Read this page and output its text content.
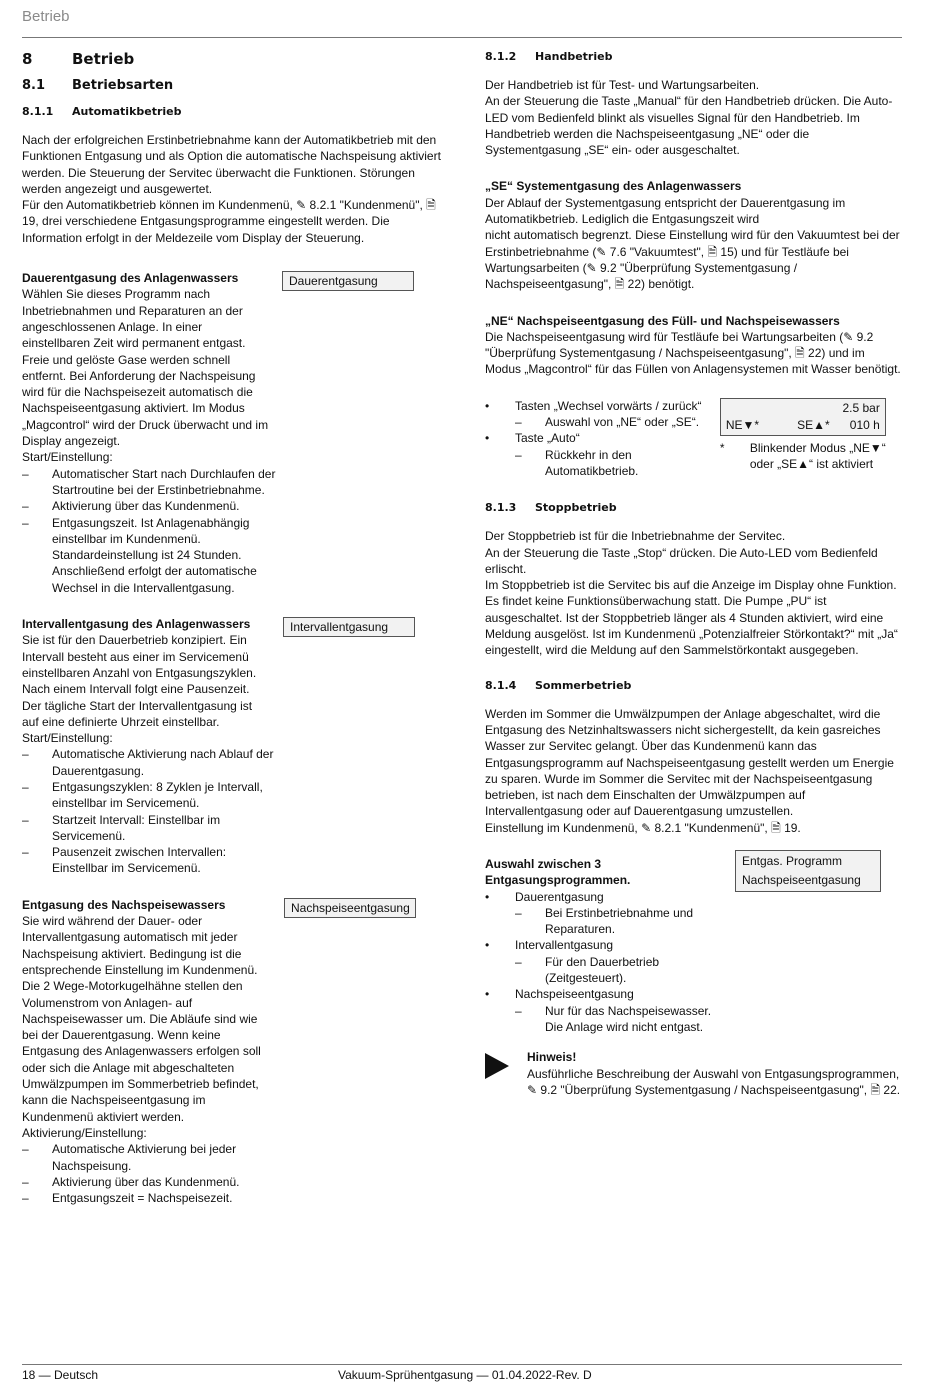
Betrieb
8	Betrieb
8.1 Betriebsarten
8.1.1 Automatikbetrieb

Nach der erfolgreichen Erstinbetriebnahme kann der Automatikbetrieb mit den Funktionen Entgasung und als Option die automatische Nachspeisung aktiviert werden. Die Steuerung der Servitec überwacht die Funktionen. Störungen werden angezeigt und ausgewertet.

Für den Automatikbetrieb können im Kundenmenü, ✎ 8.2.1 "Kundenmenü", 🗎 19, drei verschiedene Entgasungsprogramme eingestellt werden. Die Information erfolgt in der Meldezeile vom Display der Steuerung.

Dauerentgasung des Anlagenwassers

Wählen Sie dieses Programm nach Inbetriebnahmen und Reparaturen an der angeschlossenen Anlage. In einer einstellbaren Zeit wird permanent entgast. Freie und gelöste Gase werden schnell entfernt. Bei Anforderung der Nachspeisung wird für die Nachspeisezeit automatisch die Nachspeiseentgasung aktiviert. Im Modus „Magcontrol“ wird der Druck überwacht und im Display angezeigt.

Start/Einstellung:

Dauerentgasung
–	Automatischer Start nach Durchlaufen der Startroutine bei der Erstinbetriebnahme.
–	Aktivierung über das Kundenmenü.
–	Entgasungszeit. Ist Anlagenabhängig einstellbar im Kundenmenü. Standardeinstellung ist 24 Stunden. Anschließend erfolgt der automatische Wechsel in die Intervallentgasung.

Intervallentgasung des Anlagenwassers

Sie ist für den Dauerbetrieb konzipiert. Ein Intervall besteht aus einer im Servicemenü einstellbaren Anzahl von Entgasungszyklen. Nach einem Intervall folgt eine Pausenzeit. Der tägliche Start der Intervallentgasung ist auf eine definierte Uhrzeit einstellbar.

Start/Einstellung:

Intervallentgasung
–	Automatische Aktivierung nach Ablauf der Dauerentgasung.
–	Entgasungszyklen: 8 Zyklen je Intervall, einstellbar im Servicemenü.
–	Startzeit Intervall: Einstellbar im Servicemenü.
–	Pausenzeit zwischen Intervallen: Einstellbar im Servicemenü.

Entgasung des Nachspeisewassers

Sie wird während der Dauer- oder Intervallentgasung automatisch mit jeder Nachspeisung aktiviert. Bedingung ist die entsprechende Einstellung im Kundenmenü. Die 2 Wege-Motorkugelhähne stellen den Volumenstrom von Anlagen- auf Nachspeisewasser um. Die Abläufe sind wie bei der Dauerentgasung. Wenn keine Entgasung des Anlagenwassers erfolgen soll oder sich die Anlage mit abgeschalteten Umwälzpumpen im Sommerbetrieb befindet, kann die Nachspeiseentgasung im Kundenmenü aktiviert werden.

Aktivierung/Einstellung:

Nachspeiseentgasung
–	Automatische Aktivierung bei jeder Nachspeisung.
–	Aktivierung über das Kundenmenü.
–	Entgasungszeit = Nachspeisezeit.
8.1.2 Handbetrieb

Der Handbetrieb ist für Test- und Wartungsarbeiten.

An der Steuerung die Taste „Manual“ für den Handbetrieb drücken. Die Auto-LED vom Bedienfeld blinkt als visuelles Signal für den Handbetrieb. Im Handbetrieb werden die Nachspeiseentgasung „NE“ oder die Systementgasung „SE“ ein- oder ausgeschaltet.

„SE“ Systementgasung des Anlagenwassers

Der Ablauf der Systementgasung entspricht der Dauerentgasung im Automatikbetrieb. Lediglich die Entgasungszeit wird

nicht automatisch begrenzt. Diese Einstellung wird für den Vakuumtest bei der Erstinbetriebnahme (✎ 7.6 "Vakuumtest", 🗎 15) und für Testläufe bei Wartungsarbeiten (✎ 9.2 "Überprüfung Systementgasung / Nachspeiseentgasung", 🗎 22) benötigt.

„NE“ Nachspeiseentgasung des Füll- und Nachspeisewassers

Die Nachspeiseentgasung wird für Testläufe bei Wartungsarbeiten (✎ 9.2 "Überprüfung Systementgasung / Nachspeiseentgasung", 🗎 22) und im Modus „Magcontrol“ für das Füllen von Anlagensystemen mit Wasser benötigt.

•	Tasten „Wechsel vorwärts / zurück“
–	Auswahl von „NE“ oder „SE“.
•	Taste „Auto“
–	Rückkehr in den Automatikbetrieb.
2.5 bar
NE▼*	SE▲* 010 h
*	Blinkender Modus „NE▼“ oder „SE▲“ ist aktiviert
8.1.3 Stoppbetrieb

Der Stoppbetrieb ist für die Inbetriebnahme der Servitec.

An der Steuerung die Taste „Stop“ drücken. Die Auto-LED vom Bedienfeld erlischt.

Im Stoppbetrieb ist die Servitec bis auf die Anzeige im Display ohne Funktion. Es findet keine Funktionsüberwachung statt. Die Pumpe „PU“ ist ausgeschaltet. Ist der Stoppbetrieb länger als 4 Stunden aktiviert, wird eine Meldung ausgelöst. Ist im Kundenmenü „Potenzialfreier Störkontakt?“ mit „Ja“ eingestellt, wird die Meldung auf den Sammelstörkontakt ausgegeben.

8.1.4 Sommerbetrieb

Werden im Sommer die Umwälzpumpen der Anlage abgeschaltet, wird die Entgasung des Netzinhaltswassers nicht sichergestellt, da kein gasreiches Wasser zur Servitec gelangt. Über das Kundenmenü kann das Entgasungsprogramm auf Nachspeiseentgasung gestellt werden um Energie zu sparen. Wurde im Sommer die Servitec mit der Nachspeiseentgasung betrieben, ist nach dem Einschalten der Umwälzpumpen auf Intervallentgasung oder auf Dauerentgasung umzustellen.

Einstellung im Kundenmenü, ✎ 8.2.1 "Kundenmenü", 🗎 19.

Auswahl zwischen 3 Entgasungsprogrammen.

•	Dauerentgasung
–	Bei Erstinbetriebnahme und Reparaturen.
•	Intervallentgasung
–	Für den Dauerbetrieb (Zeitgesteuert).
•	Nachspeiseentgasung
–	Nur für das Nachspeisewasser. Die Anlage wird nicht entgast.
Entgas. Programm
Nachspeiseentgasung

Hinweis!

Ausführliche Beschreibung der Auswahl von Entgasungsprogrammen, ✎ 9.2 "Überprüfung Systementgasung / Nachspeiseentgasung", 🗎 22.

18 — Deutsch	Vakuum-Sprühentgasung — 01.04.2022-Rev. D
